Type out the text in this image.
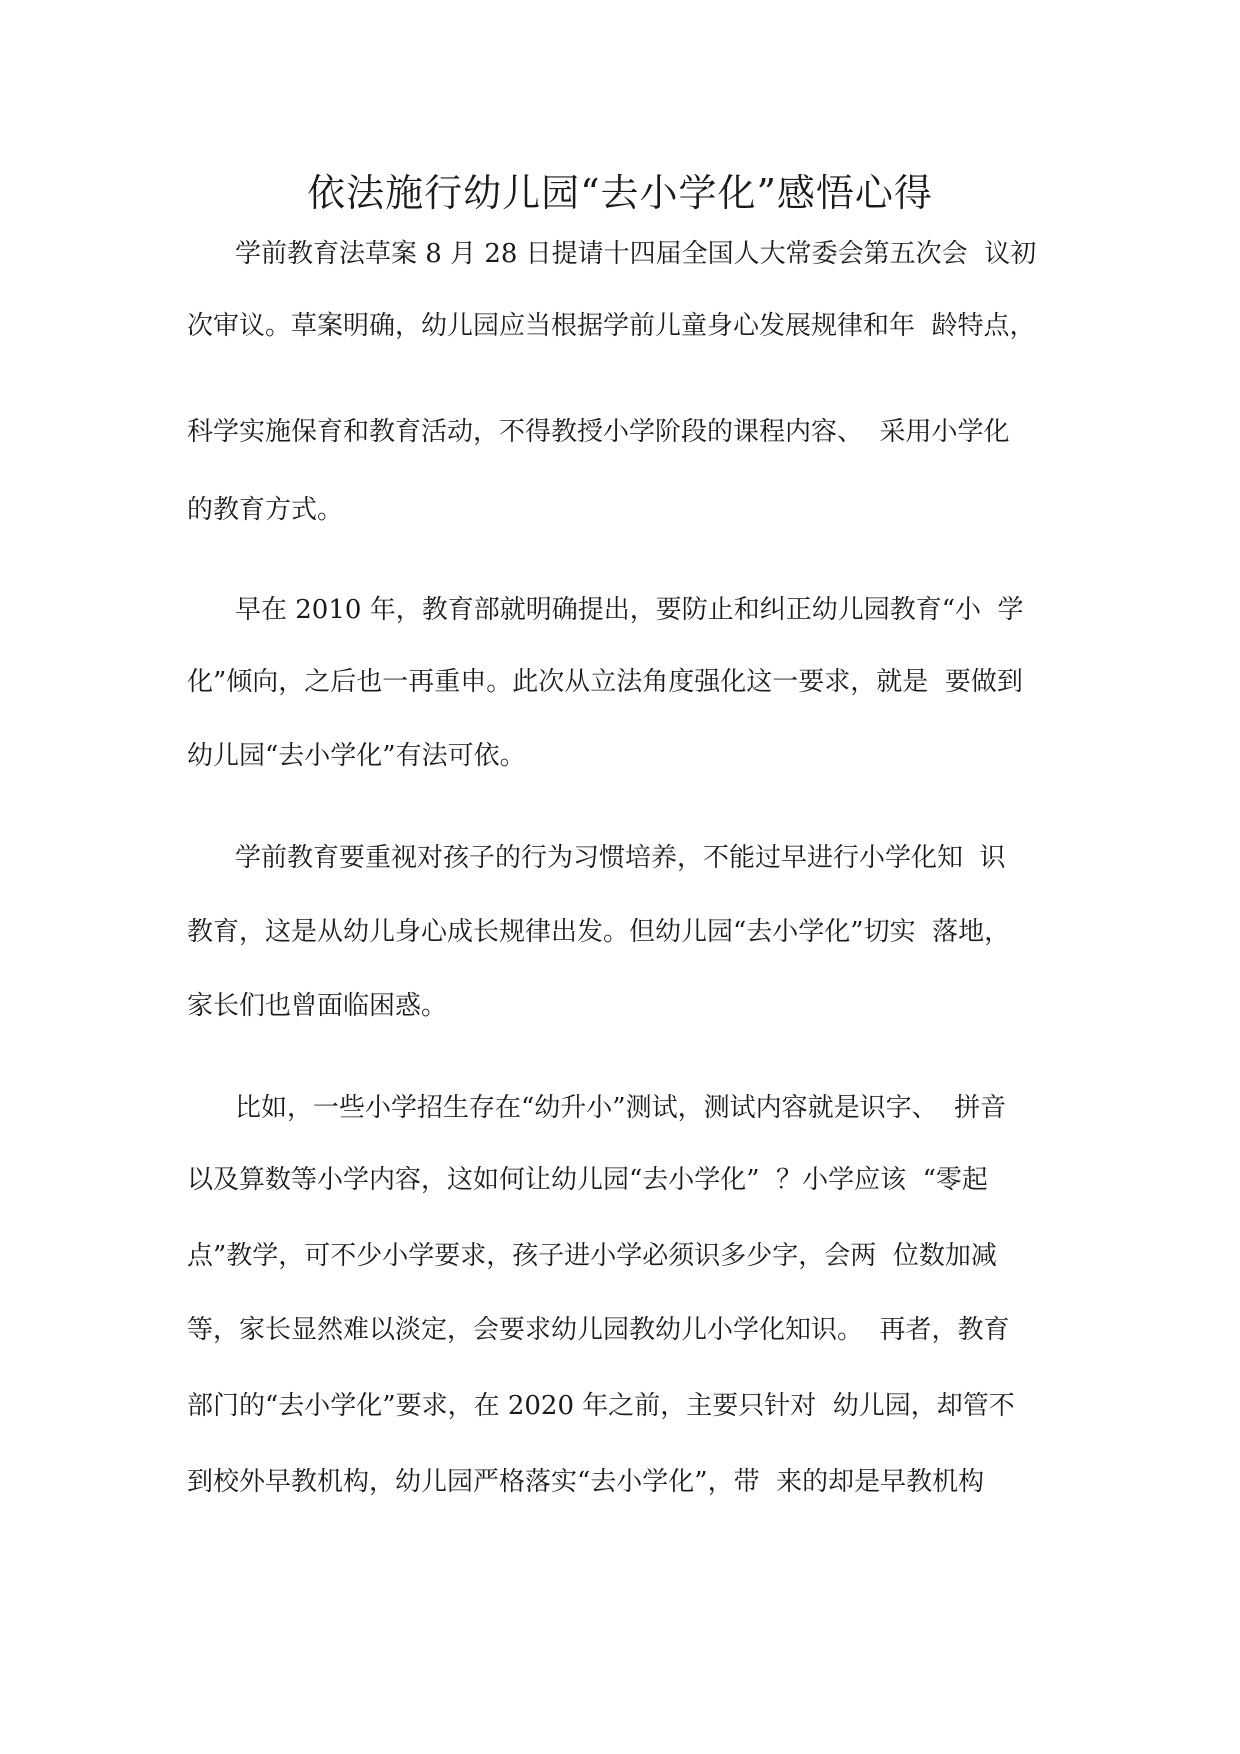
依法施行幼儿园“去小学化”感悟心得

学前教育法草案 8 月 28 日提请十四届全国人大常委会第五次会  议初

次审议。草案明确，幼儿园应当根据学前儿童身心发展规律和年  龄特点，

科学实施保育和教育活动，不得教授小学阶段的课程内容、  采用小学化

的教育方式。

早在 2010 年，教育部就明确提出，要防止和纠正幼儿园教育“小  学

化”倾向，之后也一再重申。此次从立法角度强化这一要求，就是  要做到

幼儿园“去小学化”有法可依。

学前教育要重视对孩子的行为习惯培养，不能过早进行小学化知  识

教育，这是从幼儿身心成长规律出发。但幼儿园“去小学化”切实  落地，

家长们也曾面临困惑。

比如，一些小学招生存在“幼升小”测试，测试内容就是识字、  拼音

以及算数等小学内容，这如何让幼儿园“去小学化”  ？小学应该  “零起

点”教学，可不少小学要求，孩子进小学必须识多少字，会两  位数加减

等，家长显然难以淡定，会要求幼儿园教幼儿小学化知识。  再者，教育

部门的“去小学化”要求，在 2020 年之前，主要只针对  幼儿园，却管不

到校外早教机构，幼儿园严格落实“去小学化”，带  来的却是早教机构
